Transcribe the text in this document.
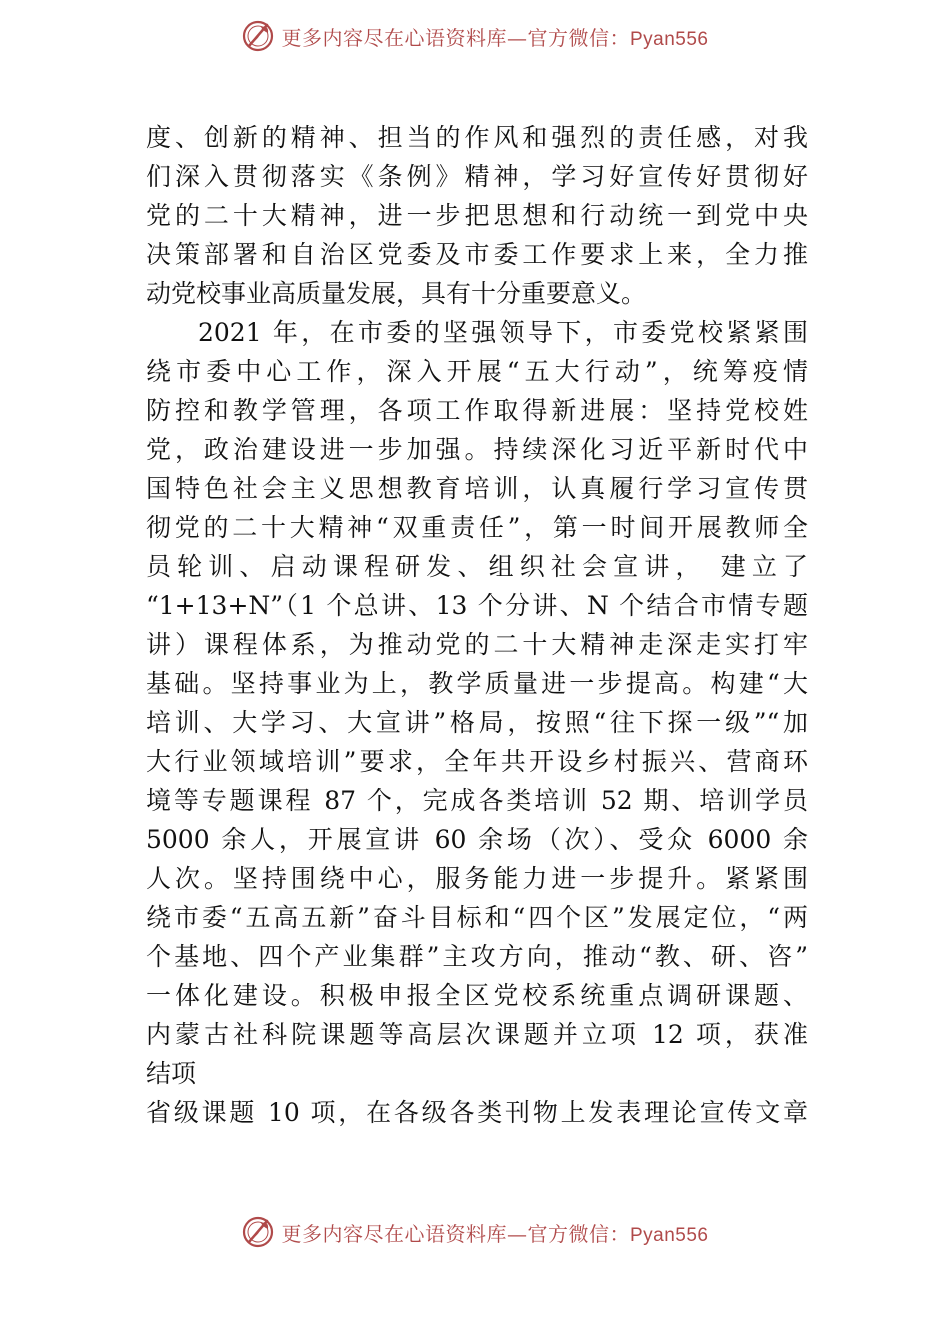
更多内容尽在心语资料库—官方微信：Pyan556
度、创新的精神、担当的作风和强烈的责任感，对我
们深入贯彻落实《条例》精神，学习好宣传好贯彻好
党的二十大精神，进一步把思想和行动统一到党中央
决策部署和自治区党委及市委工作要求上来，全力推
动党校事业高质量发展，具有十分重要意义。
2021 年，在市委的坚强领导下，市委党校紧紧围
绕市委中心工作，深入开展“五大行动”，统筹疫情
防控和教学管理，各项工作取得新进展：坚持党校姓
党，政治建设进一步加强。持续深化习近平新时代中
国特色社会主义思想教育培训，认真履行学习宣传贯
彻党的二十大精神“双重责任”，第一时间开展教师全
员轮训、启动课程研发、组织社会宣讲， 建立了
“1+13+N”（1 个总讲、13 个分讲、N 个结合市情专题
讲）课程体系，为推动党的二十大精神走深走实打牢
基础。坚持事业为上，教学质量进一步提高。构建“大
培训、大学习、大宣讲”格局，按照“往下探一级”“加
大行业领域培训”要求，全年共开设乡村振兴、营商环
境等专题课程 87 个，完成各类培训 52 期、培训学员
5000 余人，开展宣讲 60 余场（次）、受众 6000 余
人次。坚持围绕中心，服务能力进一步提升。紧紧围
绕市委“五高五新”奋斗目标和“四个区”发展定位，“两
个基地、四个产业集群”主攻方向，推动“教、研、咨”
一体化建设。积极申报全区党校系统重点调研课题、
内蒙古社科院课题等高层次课题并立项 12 项，获准
结项
省级课题 10 项，在各级各类刊物上发表理论宣传文章
更多内容尽在心语资料库—官方微信：Pyan556
